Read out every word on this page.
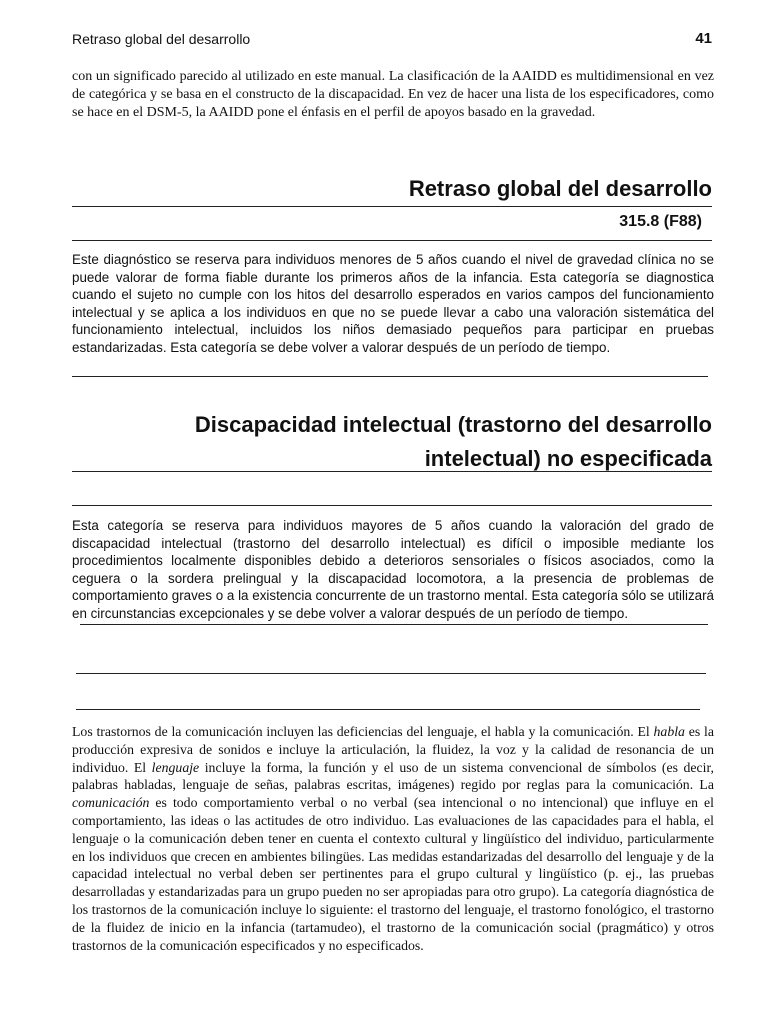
Retraso global del desarrollo	41

con un significado parecido al utilizado en este manual. La clasificación de la AAIDD es multidimensional en vez de categórica y se basa en el constructo de la discapacidad. En vez de hacer una lista de los especificadores, como se hace en el DSM-5, la AAIDD pone el énfasis en el perfil de apoyos basado en la gravedad.

Retraso global del desarrollo
315.8 (F88)

Este diagnóstico se reserva para individuos menores de 5 años cuando el nivel de gravedad clínica no se puede valorar de forma fiable durante los primeros años de la infancia. Esta categoría se diagnostica cuando el sujeto no cumple con los hitos del desarrollo esperados en varios campos del funcionamiento intelectual y se aplica a los individuos en que no se puede llevar a cabo una valoración sistemática del funcionamiento intelectual, incluidos los niños demasiado pequeños para participar en pruebas estandarizadas. Esta categoría se debe volver a valorar después de un período de tiempo.

Discapacidad intelectual (trastorno del desarrollo
intelectual) no especificada

Esta categoría se reserva para individuos mayores de 5 años cuando la valoración del grado de discapacidad intelectual (trastorno del desarrollo intelectual) es difícil o imposible mediante los procedimientos localmente disponibles debido a deterioros sensoriales o físicos asociados, como la ceguera o la sordera prelingual y la discapacidad locomotora, a la presencia de problemas de comportamiento graves o a la existencia concurrente de un trastorno mental. Esta categoría sólo se utilizará en circunstancias excepcionales y se debe volver a valorar después de un período de tiempo.

Los trastornos de la comunicación incluyen las deficiencias del lenguaje, el habla y la comunicación. El habla es la producción expresiva de sonidos e incluye la articulación, la fluidez, la voz y la calidad de resonancia de un individuo. El lenguaje incluye la forma, la función y el uso de un sistema convencional de símbolos (es decir, palabras habladas, lenguaje de señas, palabras escritas, imágenes) regido por reglas para la comunicación. La comunicación es todo comportamiento verbal o no verbal (sea intencional o no intencional) que influye en el comportamiento, las ideas o las actitudes de otro individuo. Las evaluaciones de las capacidades para el habla, el lenguaje o la comunicación deben tener en cuenta el contexto cultural y lingüístico del individuo, particularmente en los individuos que crecen en ambientes bilingües. Las medidas estandarizadas del desarrollo del lenguaje y de la capacidad intelectual no verbal deben ser pertinentes para el grupo cultural y lingüístico (p. ej., las pruebas desarrolladas y estandarizadas para un grupo pueden no ser apropiadas para otro grupo). La categoría diagnóstica de los trastornos de la comunicación incluye lo siguiente: el trastorno del lenguaje, el trastorno fonológico, el trastorno de la fluidez de inicio en la infancia (tartamudeo), el trastorno de la comunicación social (pragmático) y otros trastornos de la comunicación especificados y no especificados.
